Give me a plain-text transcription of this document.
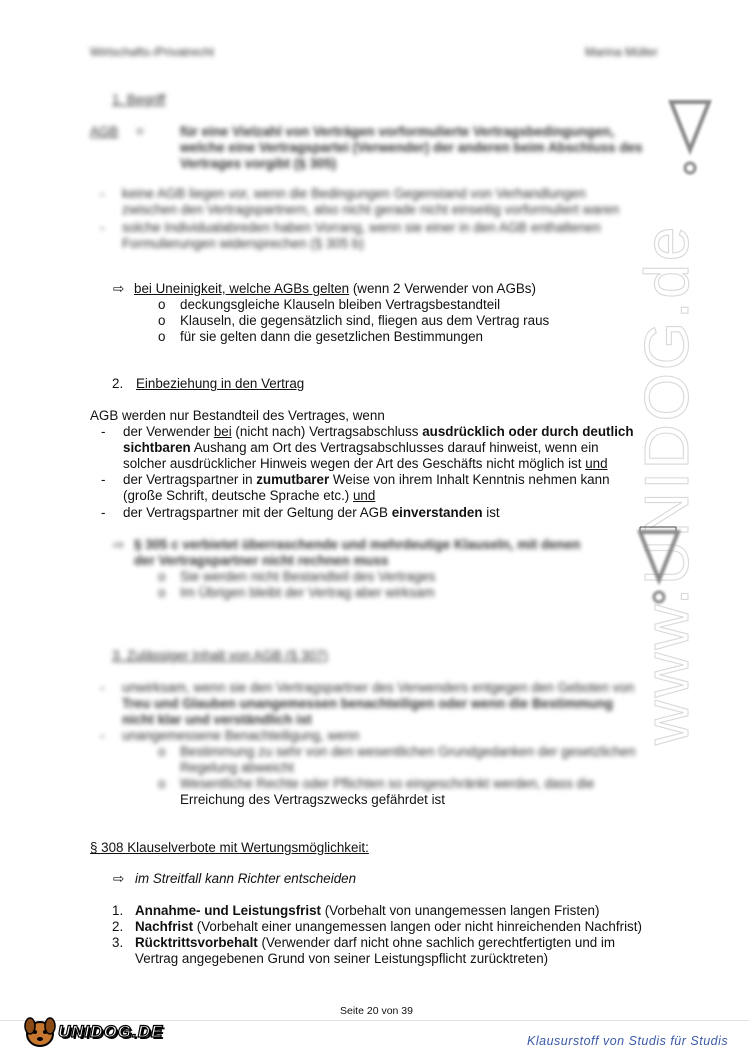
www.UNIDOG.de
Wirtschafts-/Privatrecht	Marina Müller
1. Begriff
AGB =	für eine Vielzahl von Verträgen vorformulierte Vertragsbedingungen,
welche eine Vertragspartei (Verwender) der anderen beim Abschluss des
Vertrages vorgibt (§ 305)
- keine AGB liegen vor, wenn die Bedingungen Gegenstand von Verhandlungen
zwischen den Vertragspartnern, also nicht gerade nicht einseitig vorformuliert waren
- solche Individualabreden haben Vorrang, wenn sie einer in den AGB enthaltenen
Formulierungen widersprechen (§ 305 b)
⇨ bei Uneinigkeit, welche AGBs gelten (wenn 2 Verwender von AGBs)
o deckungsgleiche Klauseln bleiben Vertragsbestandteil
o Klauseln, die gegensätzlich sind, fliegen aus dem Vertrag raus
o für sie gelten dann die gesetzlichen Bestimmungen
2. Einbeziehung in den Vertrag
AGB werden nur Bestandteil des Vertrages, wenn
- der Verwender bei (nicht nach) Vertragsabschluss ausdrücklich oder durch deutlich
sichtbaren Aushang am Ort des Vertragsabschlusses darauf hinweist, wenn ein
solcher ausdrücklicher Hinweis wegen der Art des Geschäfts nicht möglich ist und
- der Vertragspartner in zumutbarer Weise von ihrem Inhalt Kenntnis nehmen kann
(große Schrift, deutsche Sprache etc.) und
- der Vertragspartner mit der Geltung der AGB einverstanden ist
⇨ § 305 c verbietet überraschende und mehrdeutige Klauseln, mit denen
der Vertragspartner nicht rechnen muss
o Sie werden nicht Bestandteil des Vertrages
o Im Übrigen bleibt der Vertrag aber wirksam
3. Zulässiger Inhalt von AGB (§ 307)
- unwirksam, wenn sie den Vertragspartner des Verwenders entgegen den Geboten von
Treu und Glauben unangemessen benachteiligen oder wenn die Bestimmung
nicht klar und verständlich ist
- unangemessene Benachteiligung, wenn
o Bestimmung zu sehr von den wesentlichen Grundgedanken der gesetzlichen
Regelung abweicht
o Wesentliche Rechte oder Pflichten so eingeschränkt werden, dass die
Erreichung des Vertragszwecks gefährdet ist
§ 308 Klauselverbote mit Wertungsmöglichkeit:
⇨ im Streitfall kann Richter entscheiden
1. Annahme- und Leistungsfrist (Vorbehalt von unangemessen langen Fristen)
2. Nachfrist (Vorbehalt einer unangemessen langen oder nicht hinreichenden Nachfrist)
3. Rücktrittsvorbehalt (Verwender darf nicht ohne sachlich gerechtfertigten und im
Vertrag angegebenen Grund von seiner Leistungspflicht zurücktreten)
Seite 20 von 39
UNIDOG.DE	Klausurstoff von Studis für Studis
